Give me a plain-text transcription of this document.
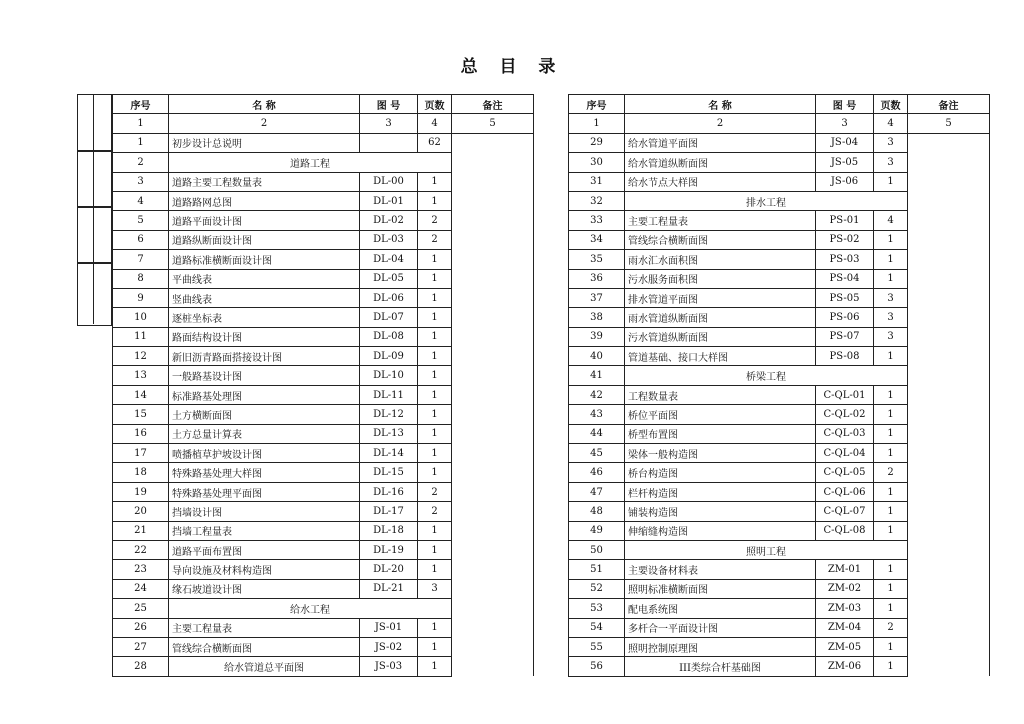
总 目 录
序号	名 称	图 号	页数	备注
1	2	3	4	5
1	初步设计总说明		62	
2	道路工程			
3	道路主要工程数量表	DL-00	1	
4	道路路网总图	DL-01	1	
5	道路平面设计图	DL-02	2	
6	道路纵断面设计图	DL-03	2	
7	道路标准横断面设计图	DL-04	1	
8	平曲线表	DL-05	1	
9	竖曲线表	DL-06	1	
10	逐桩坐标表	DL-07	1	
11	路面结构设计图	DL-08	1	
12	新旧沥青路面搭接设计图	DL-09	1	
13	一般路基设计图	DL-10	1	
14	标准路基处理图	DL-11	1	
15	土方横断面图	DL-12	1	
16	土方总量计算表	DL-13	1	
17	喷播植草护坡设计图	DL-14	1	
18	特殊路基处理大样图	DL-15	1	
19	特殊路基处理平面图	DL-16	2	
20	挡墙设计图	DL-17	2	
21	挡墙工程量表	DL-18	1	
22	道路平面布置图	DL-19	1	
23	导向设施及材料构造图	DL-20	1	
24	缘石坡道设计图	DL-21	3	
25	给水工程			
26	主要工程量表	JS-01	1	
27	管线综合横断面图	JS-02	1	
28	给水管道总平面图	JS-03	1	
序号	名 称	图 号	页数	备注
1	2	3	4	5
29	给水管道平面图	JS-04	3	
30	给水管道纵断面图	JS-05	3	
31	给水节点大样图	JS-06	1	
32	排水工程			
33	主要工程量表	PS-01	4	
34	管线综合横断面图	PS-02	1	
35	雨水汇水面积图	PS-03	1	
36	污水服务面积图	PS-04	1	
37	排水管道平面图	PS-05	3	
38	雨水管道纵断面图	PS-06	3	
39	污水管道纵断面图	PS-07	3	
40	管道基础、接口大样图	PS-08	1	
41	桥梁工程			
42	工程数量表	C-QL-01	1	
43	桥位平面图	C-QL-02	1	
44	桥型布置图	C-QL-03	1	
45	梁体一般构造图	C-QL-04	1	
46	桥台构造图	C-QL-05	2	
47	栏杆构造图	C-QL-06	1	
48	铺装构造图	C-QL-07	1	
49	伸缩缝构造图	C-QL-08	1	
50	照明工程			
51	主要设备材料表	ZM-01	1	
52	照明标准横断面图	ZM-02	1	
53	配电系统图	ZM-03	1	
54	多杆合一平面设计图	ZM-04	2	
55	照明控制原理图	ZM-05	1	
56	III类综合杆基础图	ZM-06	1	
